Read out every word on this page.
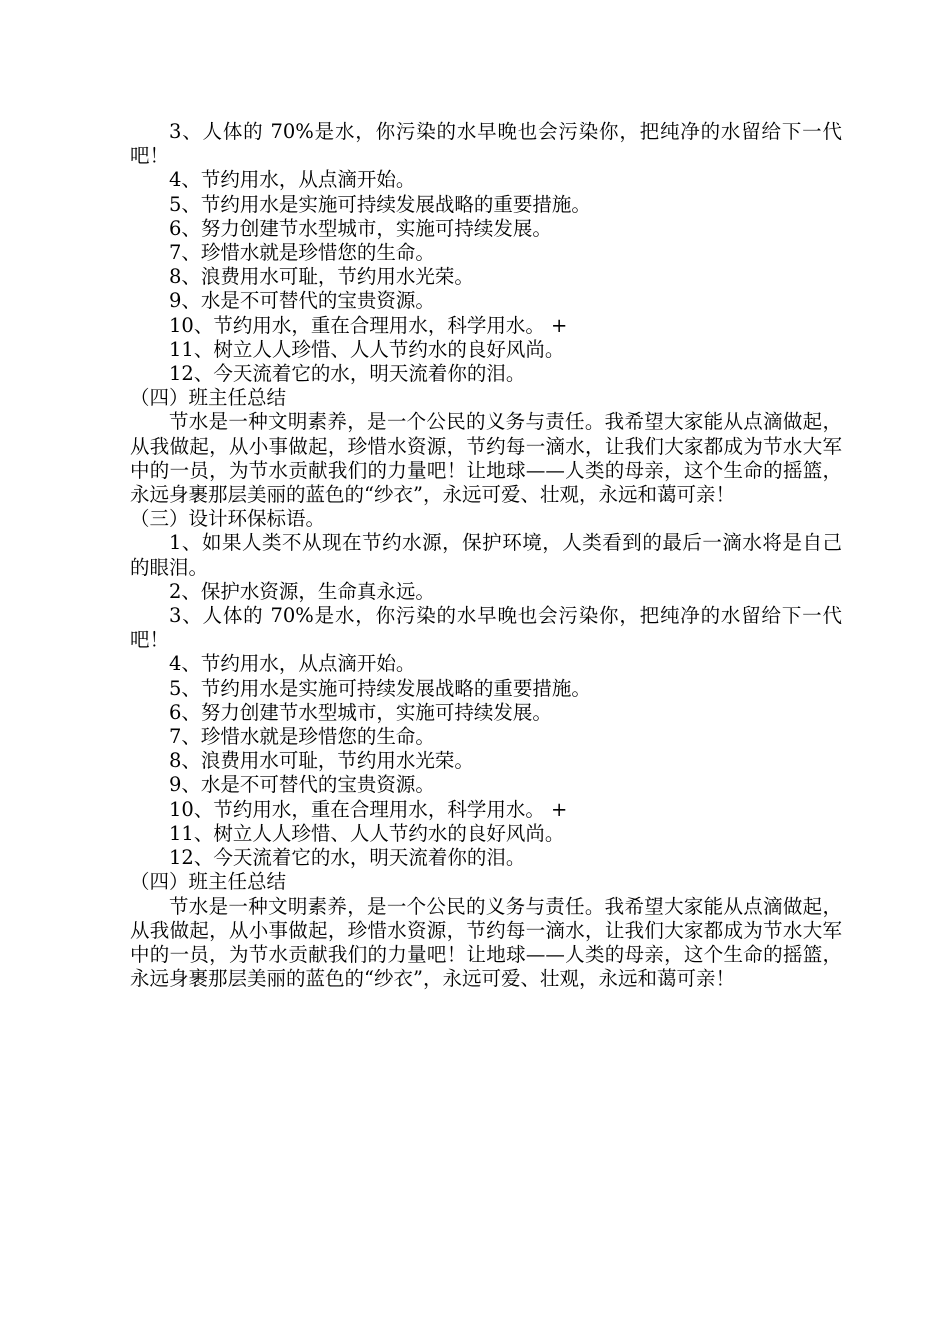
3、人体的 70%是水，你污染的水早晚也会污染你，把纯净的水留给下一代吧！

4、节约用水，从点滴开始。

5、节约用水是实施可持续发展战略的重要措施。

6、努力创建节水型城市，实施可持续发展。

7、珍惜水就是珍惜您的生命。

8、浪费用水可耻，节约用水光荣。

9、水是不可替代的宝贵资源。

10、节约用水，重在合理用水，科学用水。 +

11、树立人人珍惜、人人节约水的良好风尚。

12、今天流着它的水，明天流着你的泪。

（四）班主任总结

节水是一种文明素养，是一个公民的义务与责任。我希望大家能从点滴做起，从我做起，从小事做起，珍惜水资源，节约每一滴水，让我们大家都成为节水大军中的一员，为节水贡献我们的力量吧！让地球——人类的母亲，这个生命的摇篮，永远身裹那层美丽的蓝色的“纱衣”，永远可爱、壮观，永远和蔼可亲！

（三）设计环保标语。

1、如果人类不从现在节约水源，保护环境，人类看到的最后一滴水将是自己的眼泪。

2、保护水资源，生命真永远。

3、人体的 70%是水，你污染的水早晚也会污染你，把纯净的水留给下一代吧！

4、节约用水，从点滴开始。

5、节约用水是实施可持续发展战略的重要措施。

6、努力创建节水型城市，实施可持续发展。

7、珍惜水就是珍惜您的生命。

8、浪费用水可耻，节约用水光荣。

9、水是不可替代的宝贵资源。

10、节约用水，重在合理用水，科学用水。 +

11、树立人人珍惜、人人节约水的良好风尚。

12、今天流着它的水，明天流着你的泪。

（四）班主任总结

节水是一种文明素养，是一个公民的义务与责任。我希望大家能从点滴做起，从我做起，从小事做起，珍惜水资源，节约每一滴水，让我们大家都成为节水大军中的一员，为节水贡献我们的力量吧！让地球——人类的母亲，这个生命的摇篮，永远身裹那层美丽的蓝色的“纱衣”，永远可爱、壮观，永远和蔼可亲！
